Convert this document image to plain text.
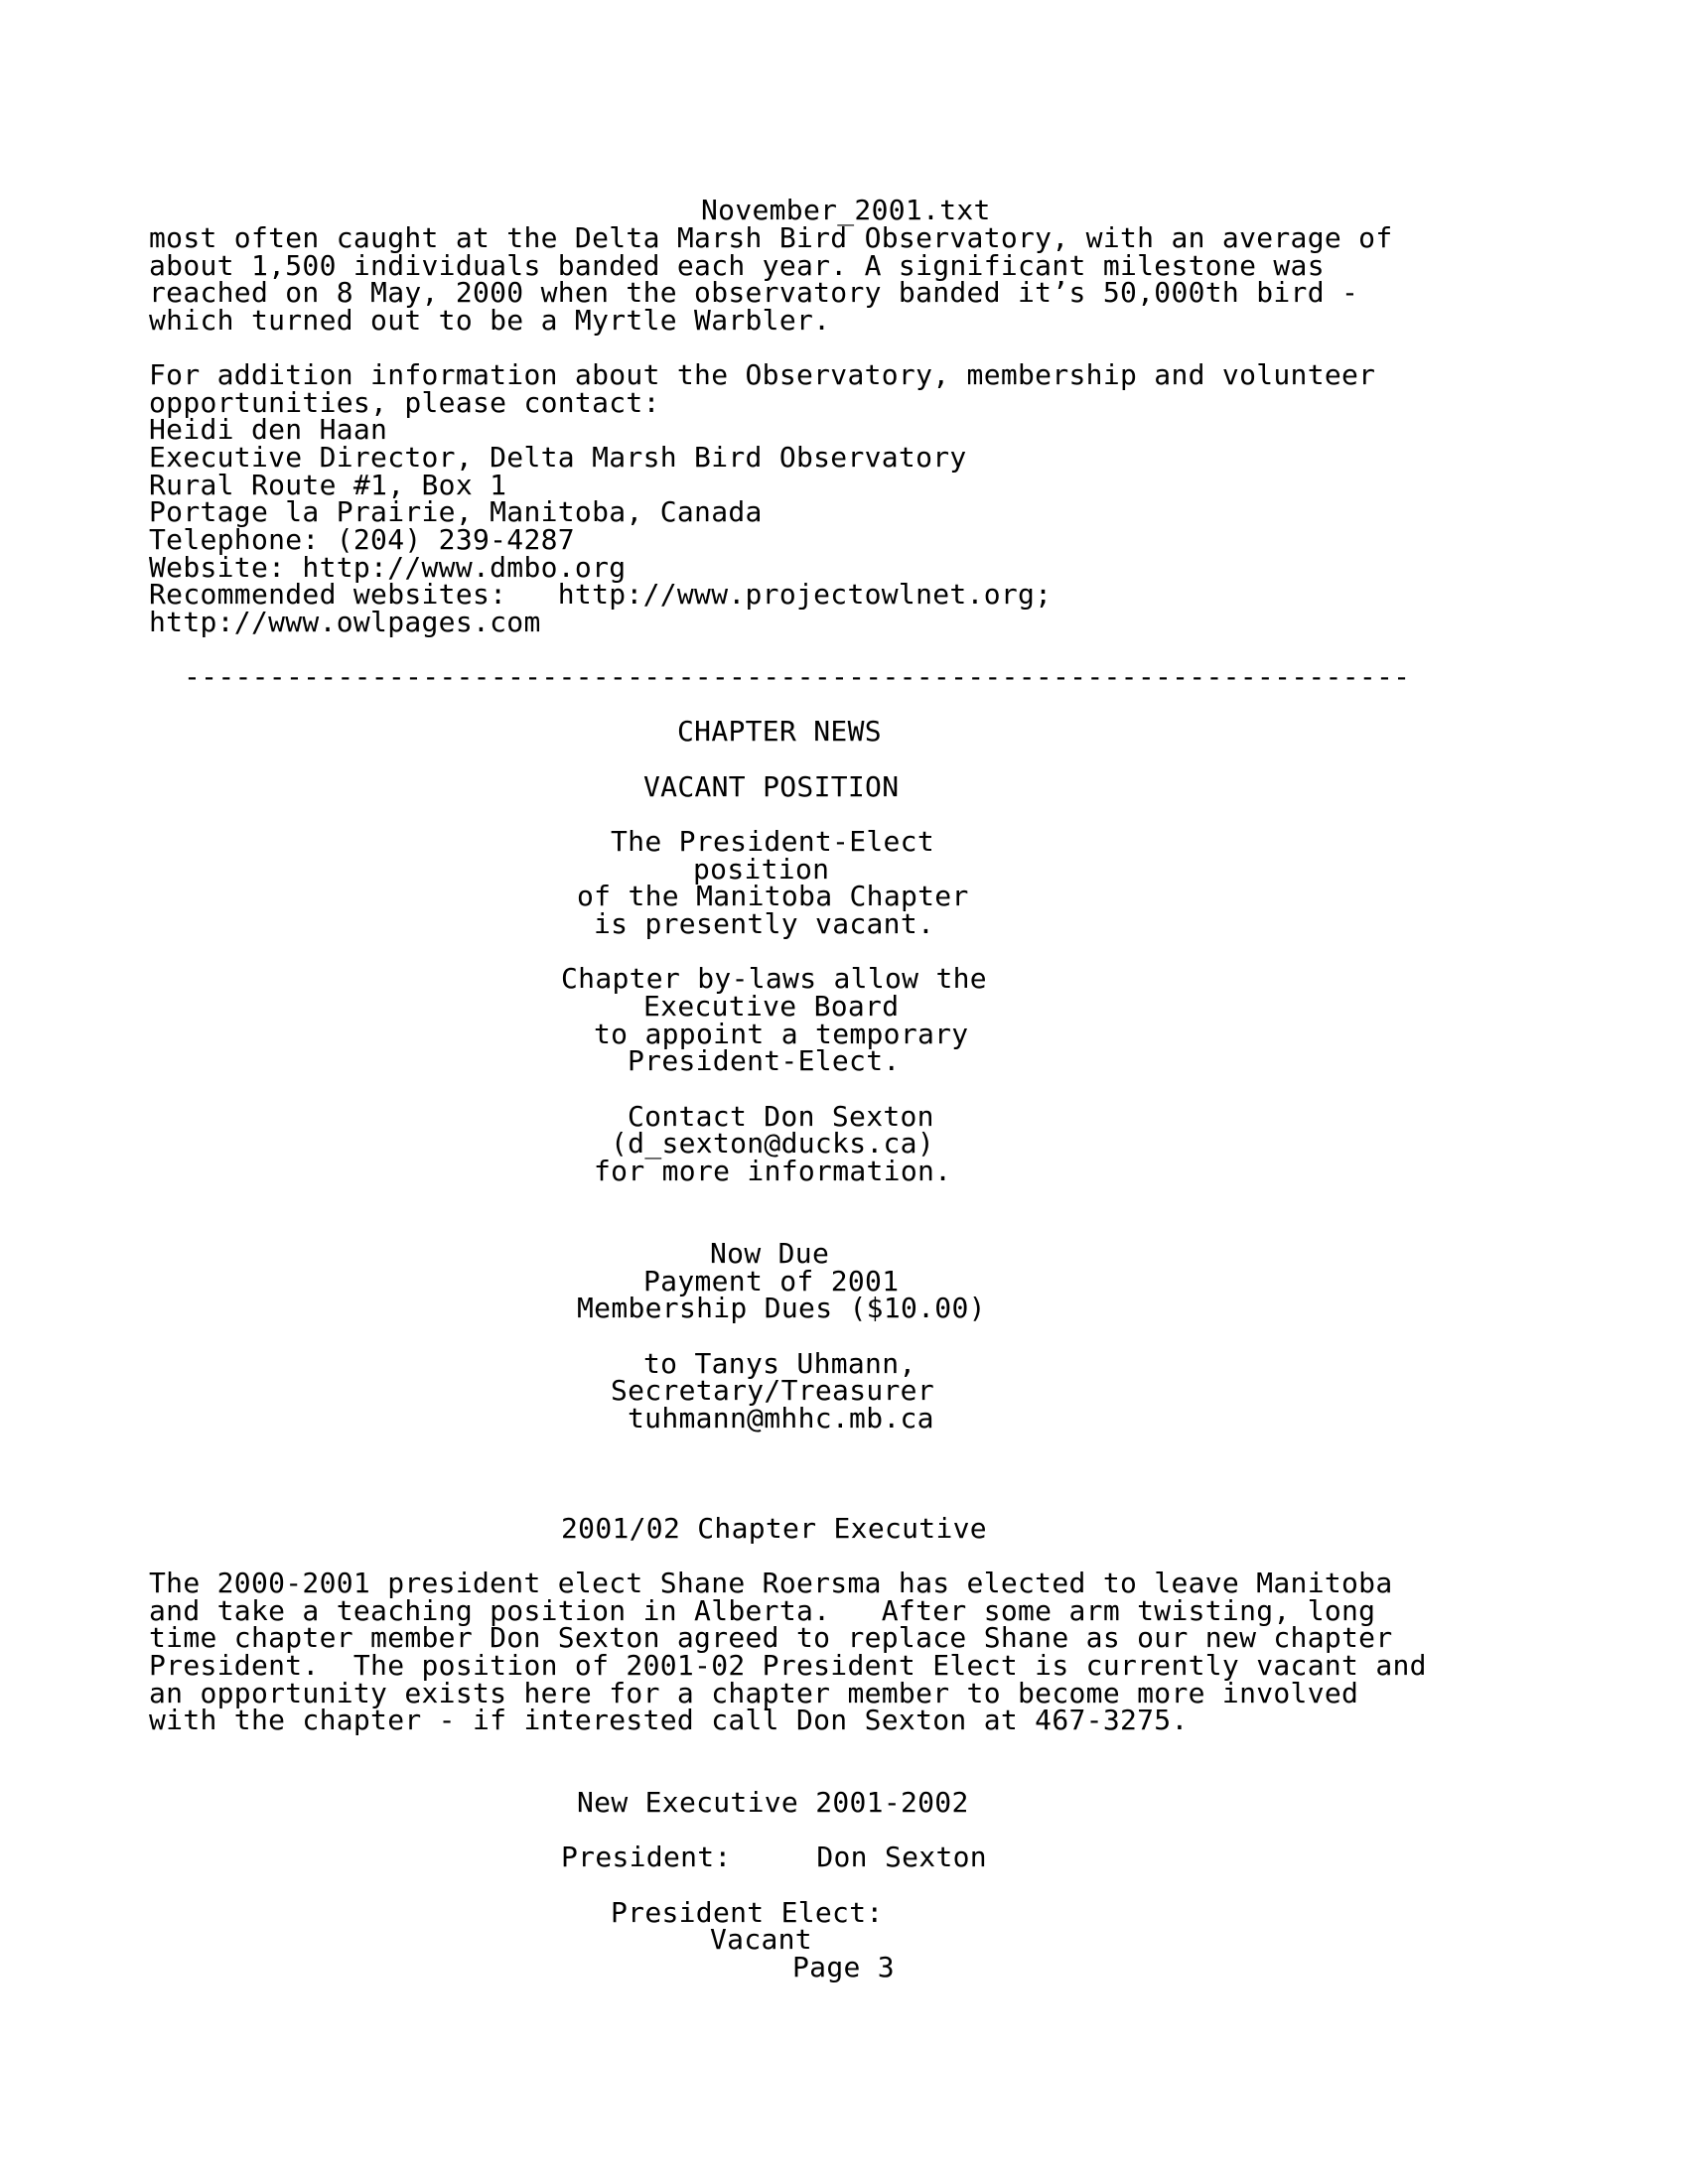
November_2001.txt
most often caught at the Delta Marsh Bird Observatory, with an average of
about 1,500 individuals banded each year. A significant milestone was
reached on 8 May, 2000 when the observatory banded it’s 50,000th bird -
which turned out to be a Myrtle Warbler.
For addition information about the Observatory, membership and volunteer
opportunities, please contact:
Heidi den Haan
Executive Director, Delta Marsh Bird Observatory
Rural Route #1, Box 1
Portage la Prairie, Manitoba, Canada
Telephone: (204) 239-4287
Website: http://www.dmbo.org
Recommended websites:   http://www.projectowlnet.org;
http://www.owlpages.com
------------------------------------------------------------------------
CHAPTER NEWS
VACANT POSITION
The President-Elect
position
of the Manitoba Chapter
is presently vacant.
Chapter by-laws allow the
Executive Board
to appoint a temporary
President-Elect.
Contact Don Sexton
(d_sexton@ducks.ca)
for more information.
Now Due
Payment of 2001
Membership Dues ($10.00)
to Tanys Uhmann,
Secretary/Treasurer
tuhmann@mhhc.mb.ca
2001/02 Chapter Executive
The 2000-2001 president elect Shane Roersma has elected to leave Manitoba
and take a teaching position in Alberta.   After some arm twisting, long
time chapter member Don Sexton agreed to replace Shane as our new chapter
President.  The position of 2001-02 President Elect is currently vacant and
an opportunity exists here for a chapter member to become more involved
with the chapter - if interested call Don Sexton at 467-3275.
New Executive 2001-2002
President:     Don Sexton
President Elect:
Vacant
Page 3
